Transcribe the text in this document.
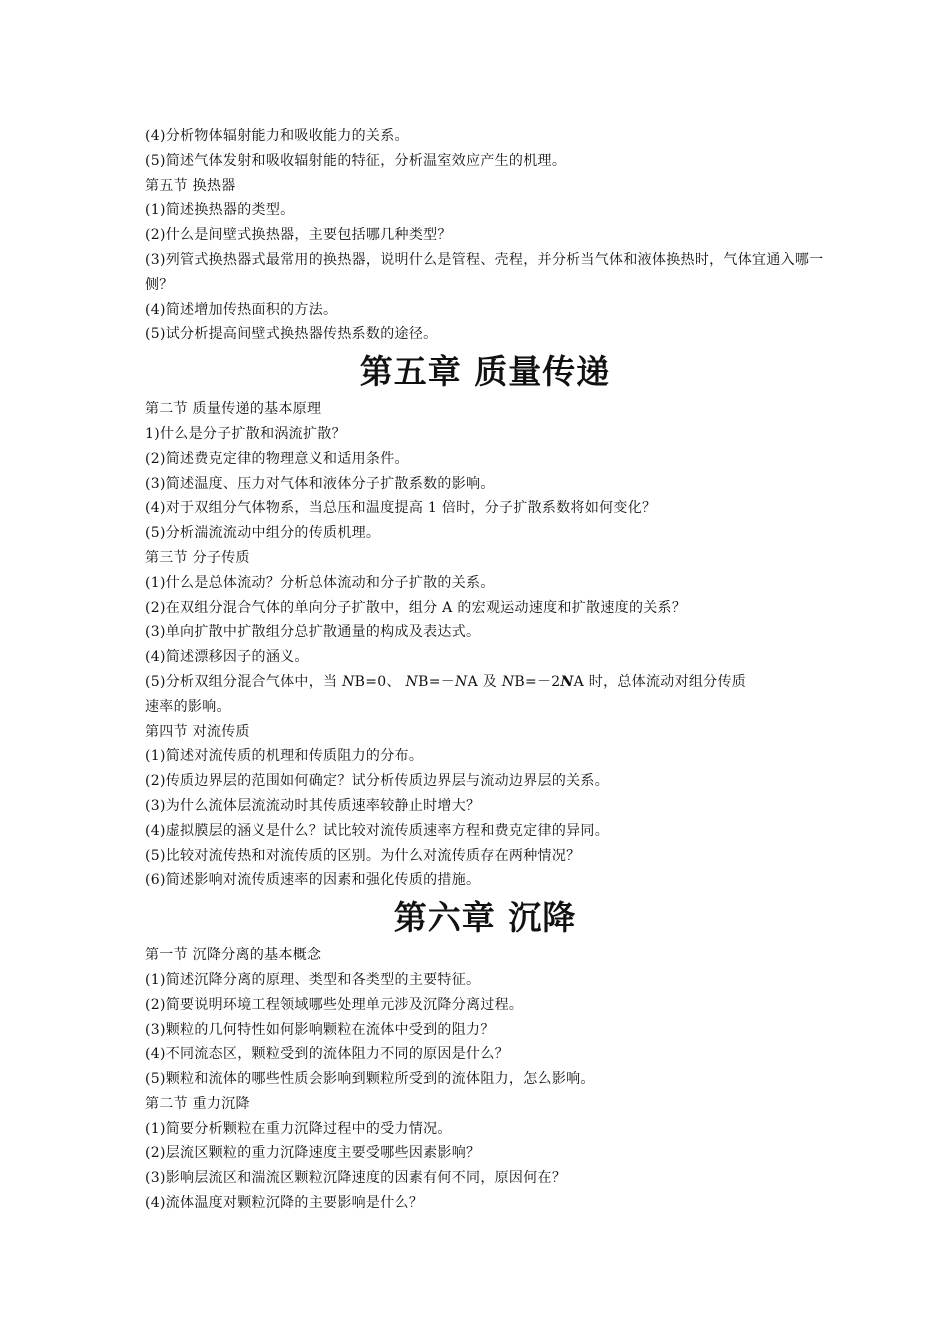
(4)分析物体辐射能力和吸收能力的关系。
(5)简述气体发射和吸收辐射能的特征，分析温室效应产生的机理。
第五节 换热器
(1)简述换热器的类型。
(2)什么是间壁式换热器，主要包括哪几种类型？
(3)列管式换热器式最常用的换热器，说明什么是管程、壳程，并分析当气体和液体换热时，气体宜通入哪一侧？
(4)简述增加传热面积的方法。
(5)试分析提高间壁式换热器传热系数的途径。
第五章 质量传递
第二节 质量传递的基本原理
1)什么是分子扩散和涡流扩散？
(2)简述费克定律的物理意义和适用条件。
(3)简述温度、压力对气体和液体分子扩散系数的影响。
(4)对于双组分气体物系，当总压和温度提高 1 倍时，分子扩散系数将如何变化？
(5)分析湍流流动中组分的传质机理。
第三节 分子传质
(1)什么是总体流动？分析总体流动和分子扩散的关系。
(2)在双组分混合气体的单向分子扩散中，组分 A 的宏观运动速度和扩散速度的关系？
(3)单向扩散中扩散组分总扩散通量的构成及表达式。
(4)简述漂移因子的涵义。
(5)分析双组分混合气体中，当 NB=0、 NB=－NA 及 NB=－2NA 时，总体流动对组分传质
速率的影响。
第四节 对流传质
(1)简述对流传质的机理和传质阻力的分布。
(2)传质边界层的范围如何确定？试分析传质边界层与流动边界层的关系。
(3)为什么流体层流流动时其传质速率较静止时增大？
(4)虚拟膜层的涵义是什么？试比较对流传质速率方程和费克定律的异同。
(5)比较对流传热和对流传质的区别。为什么对流传质存在两种情况？
(6)简述影响对流传质速率的因素和强化传质的措施。
第六章 沉降
第一节 沉降分离的基本概念
(1)简述沉降分离的原理、类型和各类型的主要特征。
(2)简要说明环境工程领域哪些处理单元涉及沉降分离过程。
(3)颗粒的几何特性如何影响颗粒在流体中受到的阻力？
(4)不同流态区，颗粒受到的流体阻力不同的原因是什么？
(5)颗粒和流体的哪些性质会影响到颗粒所受到的流体阻力，怎么影响。
第二节 重力沉降
(1)简要分析颗粒在重力沉降过程中的受力情况。
(2)层流区颗粒的重力沉降速度主要受哪些因素影响？
(3)影响层流区和湍流区颗粒沉降速度的因素有何不同，原因何在？
(4)流体温度对颗粒沉降的主要影响是什么？
